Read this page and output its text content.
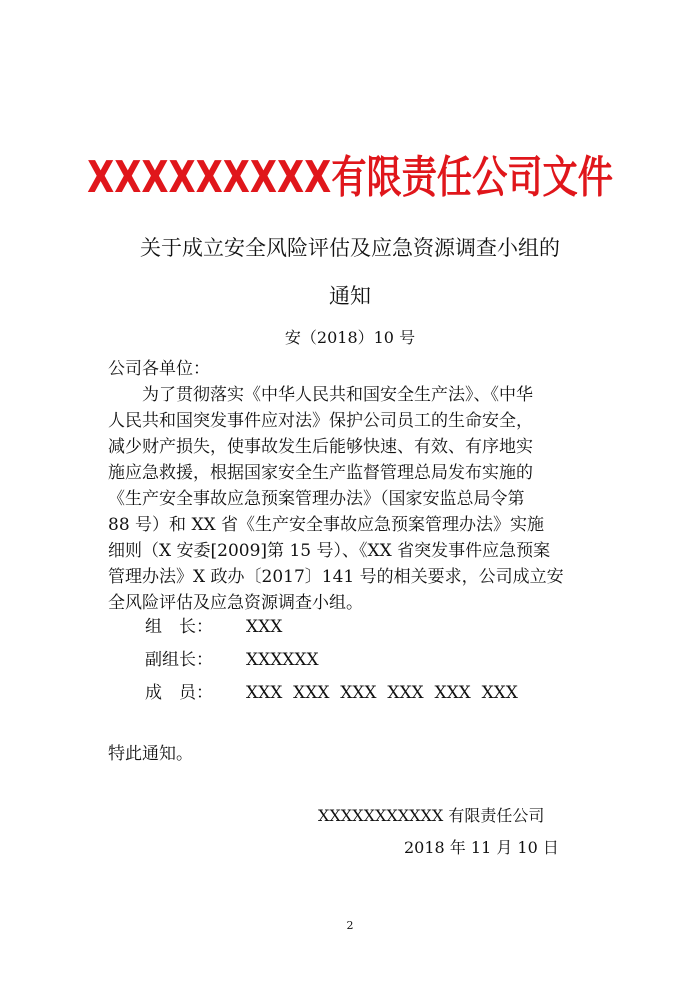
XXXXXXXXX有限责任公司文件
关于成立安全风险评估及应急资源调查小组的
通知
安（2018）10 号
公司各单位：
　　为了贯彻落实《中华人民共和国安全生产法》、《中华
人民共和国突发事件应对法》保护公司员工的生命安全，
减少财产损失，使事故发生后能够快速、有效、有序地实
施应急救援，根据国家安全生产监督管理总局发布实施的
《生产安全事故应急预案管理办法》（国家安监总局令第
88 号）和 XX 省《生产安全事故应急预案管理办法》实施
细则（X 安委[2009]第 15 号）、《XX 省突发事件应急预案
管理办法》X 政办〔2017〕141 号的相关要求，公司成立安
全风险评估及应急资源调查小组。
组　长： XXX
副组长： XXXXXX
成　员： XXX  XXX  XXX  XXX  XXX  XXX
特此通知。
XXXXXXXXXXX 有限责任公司
2018 年 11 月 10 日
2
